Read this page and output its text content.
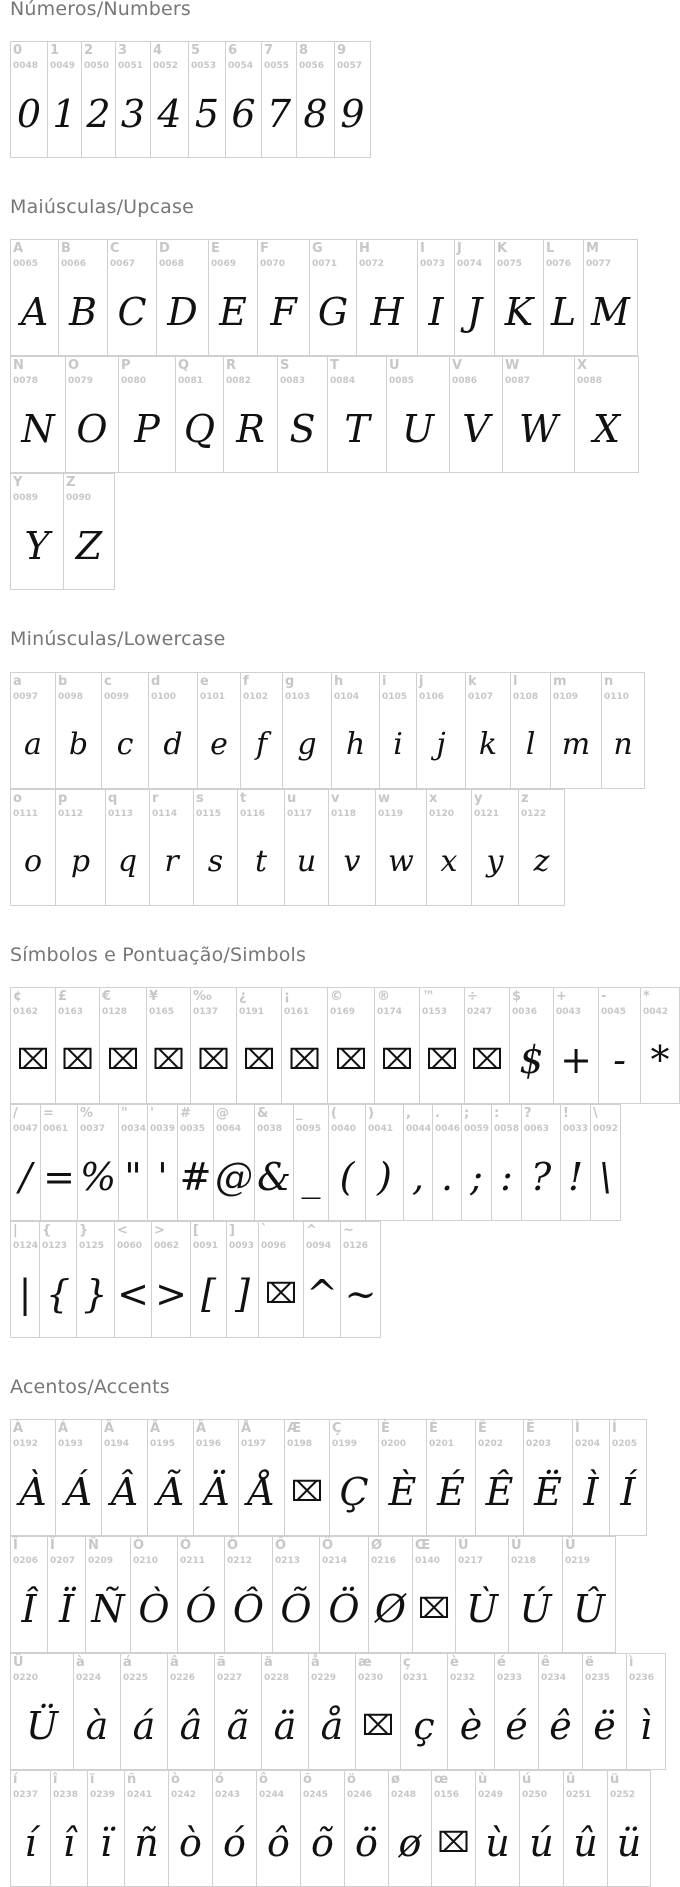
Números/Numbers
0
0048
0
1
0049
1
2
0050
2
3
0051
3
4
0052
4
5
0053
5
6
0054
6
7
0055
7
8
0056
8
9
0057
9
Maiúsculas/Upcase
A
0065
A
B
0066
B
C
0067
C
D
0068
D
E
0069
E
F
0070
F
G
0071
G
H
0072
H
I
0073
I
J
0074
J
K
0075
K
L
0076
L
M
0077
M
N
0078
N
O
0079
O
P
0080
P
Q
0081
Q
R
0082
R
S
0083
S
T
0084
T
U
0085
U
V
0086
V
W
0087
W
X
0088
X
Y
0089
Y
Z
0090
Z
Minúsculas/Lowercase
a
0097
a
b
0098
b
c
0099
c
d
0100
d
e
0101
e
f
0102
f
g
0103
g
h
0104
h
i
0105
i
j
0106
j
k
0107
k
l
0108
l
m
0109
m
n
0110
n
o
0111
o
p
0112
p
q
0113
q
r
0114
r
s
0115
s
t
0116
t
u
0117
u
v
0118
v
w
0119
w
x
0120
x
y
0121
y
z
0122
z
Símbolos e Pontuação/Simbols
¢
0162
⌧
£
0163
⌧
€
0128
⌧
¥
0165
⌧
‰
0137
⌧
¿
0191
⌧
¡
0161
⌧
©
0169
⌧
®
0174
⌧
™
0153
⌧
÷
0247
⌧
$
0036
$
+
0043
+
-
0045
-
*
0042
*
/
0047
/
=
0061
=
%
0037
%
"
0034
"
'
0039
'
#
0035
#
@
0064
@
&
0038
&
_
0095
_
(
0040
(
)
0041
)
,
0044
,
.
0046
.
;
0059
;
:
0058
:
?
0063
?
!
0033
!
\
0092
\
|
0124
|
{
0123
{
}
0125
}
<
0060
<
>
0062
>
[
0091
[
]
0093
]
`
0096
⌧
^
0094
^
~
0126
~
Acentos/Accents
À
0192
À
Á
0193
Á
Â
0194
Â
Ã
0195
Ã
Ä
0196
Ä
Å
0197
Å
Æ
0198
⌧
Ç
0199
Ç
È
0200
È
É
0201
É
Ê
0202
Ê
Ë
0203
Ë
Ì
0204
Ì
Í
0205
Í
Î
0206
Î
Ï
0207
Ï
Ñ
0209
Ñ
Ò
0210
Ò
Ó
0211
Ó
Ô
0212
Ô
Õ
0213
Õ
Ö
0214
Ö
Ø
0216
Ø
Œ
0140
⌧
Ù
0217
Ù
Ú
0218
Ú
Û
0219
Û
Ü
0220
Ü
à
0224
à
á
0225
á
â
0226
â
ã
0227
ã
ä
0228
ä
å
0229
å
æ
0230
⌧
ç
0231
ç
è
0232
è
é
0233
é
ê
0234
ê
ë
0235
ë
ì
0236
ì
í
0237
í
î
0238
î
ï
0239
ï
ñ
0241
ñ
ò
0242
ò
ó
0243
ó
ô
0244
ô
õ
0245
õ
ö
0246
ö
ø
0248
ø
œ
0156
⌧
ù
0249
ù
ú
0250
ú
û
0251
û
ü
0252
ü
